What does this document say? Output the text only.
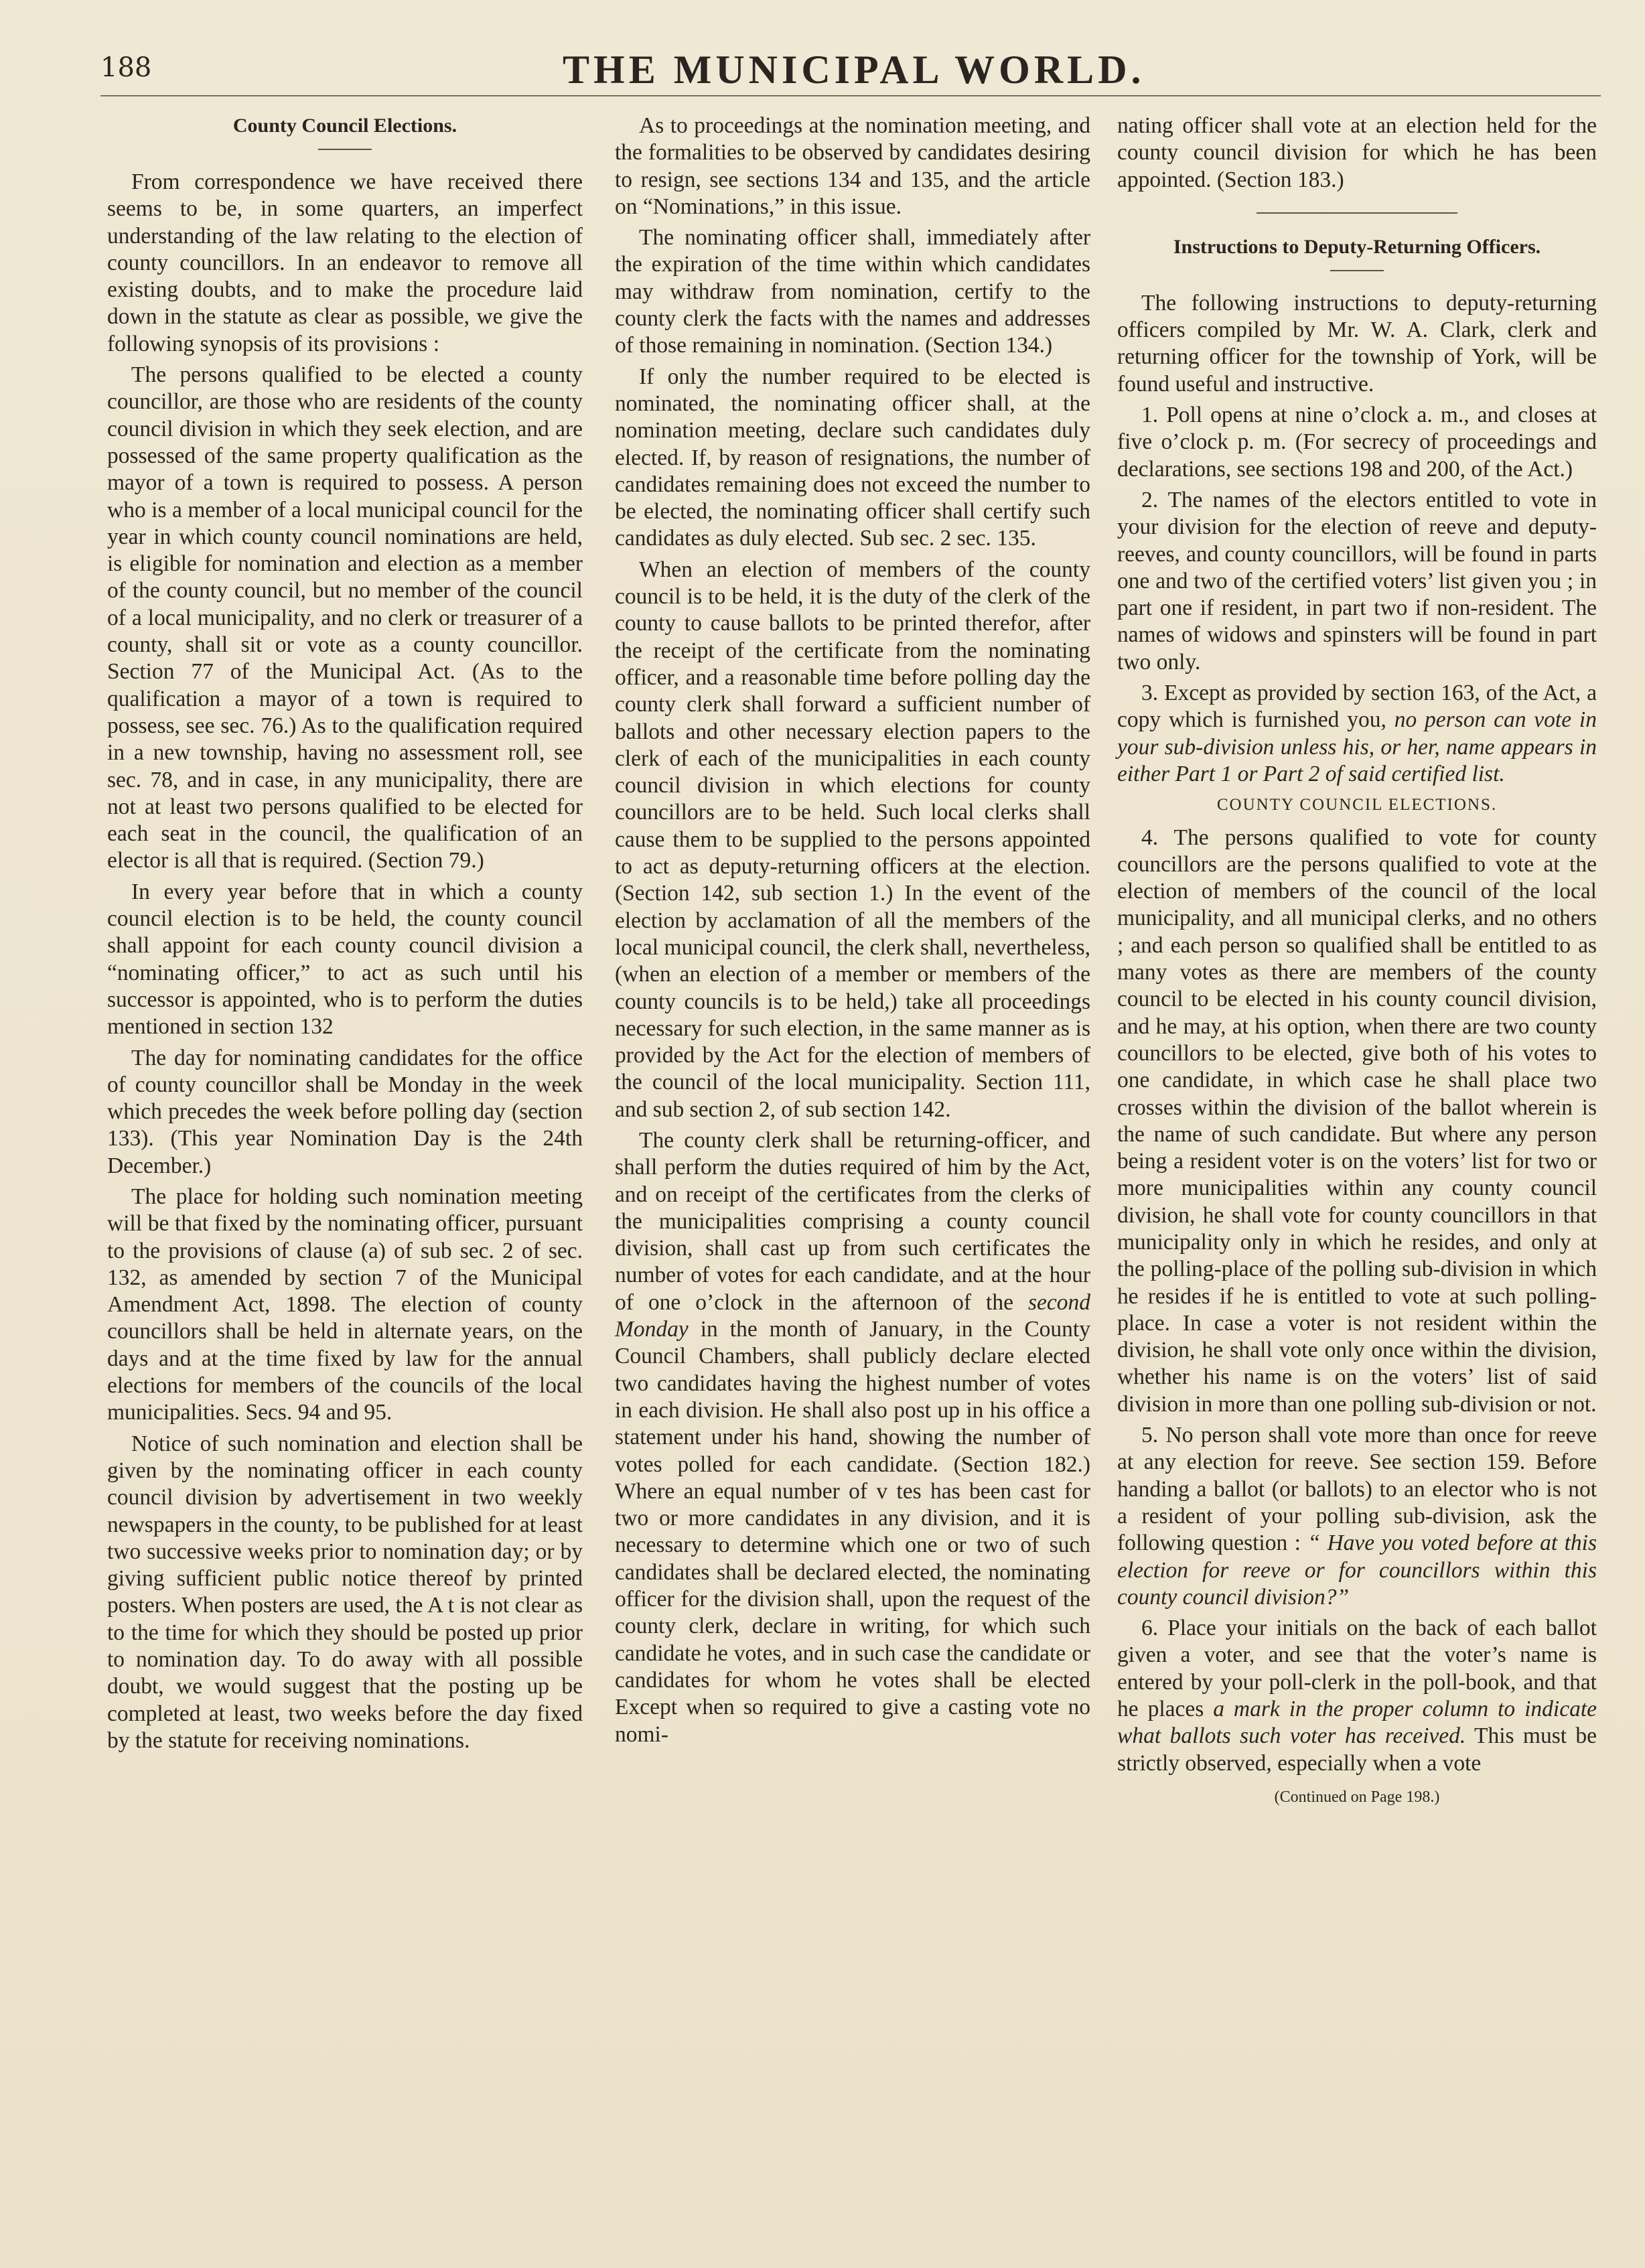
188	THE MUNICIPAL WORLD.
County Council Elections.

From correspondence we have received there seems to be, in some quarters, an imperfect understanding of the law relating to the election of county councillors. In an endeavor to remove all existing doubts, and to make the procedure laid down in the statute as clear as possible, we give the following synopsis of its provisions :

The persons qualified to be elected a county councillor, are those who are residents of the county council division in which they seek election, and are possessed of the same property qualification as the mayor of a town is required to possess. A person who is a member of a local municipal council for the year in which county council nominations are held, is eligible for nomination and election as a member of the county council, but no member of the council of a local municipality, and no clerk or treasurer of a county, shall sit or vote as a county councillor. Section 77 of the Municipal Act. (As to the qualification a mayor of a town is required to possess, see sec. 76.) As to the qualification required in a new township, having no assessment roll, see sec. 78, and in case, in any municipality, there are not at least two persons qualified to be elected for each seat in the council, the qualification of an elector is all that is required. (Section 79.)

In every year before that in which a county council election is to be held, the county council shall appoint for each county council division a “nominating officer,” to act as such until his successor is appointed, who is to perform the duties mentioned in section 132

The day for nominating candidates for the office of county councillor shall be Monday in the week which precedes the week before polling day (section 133). (This year Nomination Day is the 24th December.)

The place for holding such nomination meeting will be that fixed by the nominating officer, pursuant to the provisions of clause (a) of sub sec. 2 of sec. 132, as amended by section 7 of the Municipal Amendment Act, 1898. The election of county councillors shall be held in alternate years, on the days and at the time fixed by law for the annual elections for members of the councils of the local municipalities. Secs. 94 and 95.

Notice of such nomination and election shall be given by the nominating officer in each county council division by advertisement in two weekly newspapers in the county, to be published for at least two successive weeks prior to nomination day; or by giving sufficient public notice thereof by printed posters. When posters are used, the A t is not clear as to the time for which they should be posted up prior to nomination day. To do away with all possible doubt, we would suggest that the posting up be completed at least, two weeks before the day fixed by the statute for receiving nominations.

As to proceedings at the nomination meeting, and the formalities to be observed by candidates desiring to resign, see sections 134 and 135, and the article on “Nominations,” in this issue.

The nominating officer shall, immediately after the expiration of the time within which candidates may withdraw from nomination, certify to the county clerk the facts with the names and addresses of those remaining in nomination. (Section 134.)

If only the number required to be elected is nominated, the nominating officer shall, at the nomination meeting, declare such candidates duly elected. If, by reason of resignations, the number of candidates remaining does not exceed the number to be elected, the nominating officer shall certify such candidates as duly elected. Sub sec. 2 sec. 135.

When an election of members of the county council is to be held, it is the duty of the clerk of the county to cause ballots to be printed therefor, after the receipt of the certificate from the nominating officer, and a reasonable time before polling day the county clerk shall forward a sufficient number of ballots and other necessary election papers to the clerk of each of the municipalities in each county council division in which elections for county councillors are to be held. Such local clerks shall cause them to be supplied to the persons appointed to act as deputy-returning officers at the election. (Section 142, sub section 1.) In the event of the election by acclamation of all the members of the local municipal council, the clerk shall, nevertheless, (when an election of a member or members of the county councils is to be held,) take all proceedings necessary for such election, in the same manner as is provided by the Act for the election of members of the council of the local municipality. Section 111, and sub section 2, of sub section 142.

The county clerk shall be returning-officer, and shall perform the duties required of him by the Act, and on receipt of the certificates from the clerks of the municipalities comprising a county council division, shall cast up from such certificates the number of votes for each candidate, and at the hour of one o’clock in the afternoon of the second Monday in the month of January, in the County Council Chambers, shall publicly declare elected two candidates having the highest number of votes in each division. He shall also post up in his office a statement under his hand, showing the number of votes polled for each candidate. (Section 182.) Where an equal number of v tes has been cast for two or more candidates in any division, and it is necessary to determine which one or two of such candidates shall be declared elected, the nominating officer for the division shall, upon the request of the county clerk, declare in writing, for which such candidate he votes, and in such case the candidate or candidates for whom he votes shall be elected Except when so required to give a casting vote no nomi-

nating officer shall vote at an election held for the county council division for which he has been appointed. (Section 183.)

Instructions to Deputy-Returning Officers.

The following instructions to deputy-returning officers compiled by Mr. W. A. Clark, clerk and returning officer for the township of York, will be found useful and instructive.

1. Poll opens at nine o’clock a. m., and closes at five o’clock p. m. (For secrecy of proceedings and declarations, see sections 198 and 200, of the Act.)

2. The names of the electors entitled to vote in your division for the election of reeve and deputy-reeves, and county councillors, will be found in parts one and two of the certified voters’ list given you ; in part one if resident, in part two if non-resident. The names of widows and spinsters will be found in part two only.

3. Except as provided by section 163, of the Act, a copy which is furnished you, no person can vote in your sub-division unless his, or her, name appears in either Part 1 or Part 2 of said certified list.

COUNTY COUNCIL ELECTIONS.

4. The persons qualified to vote for county councillors are the persons qualified to vote at the election of members of the council of the local municipality, and all municipal clerks, and no others ; and each person so qualified shall be entitled to as many votes as there are members of the county council to be elected in his county council division, and he may, at his option, when there are two county councillors to be elected, give both of his votes to one candidate, in which case he shall place two crosses within the division of the ballot wherein is the name of such candidate. But where any person being a resident voter is on the voters’ list for two or more municipalities within any county council division, he shall vote for county councillors in that municipality only in which he resides, and only at the polling-place of the polling sub-division in which he resides if he is entitled to vote at such polling-place. In case a voter is not resident within the division, he shall vote only once within the division, whether his name is on the voters’ list of said division in more than one polling sub-division or not.

5. No person shall vote more than once for reeve at any election for reeve. See section 159. Before handing a ballot (or ballots) to an elector who is not a resident of your polling sub-division, ask the following question : “ Have you voted before at this election for reeve or for councillors within this county council division?”

6. Place your initials on the back of each ballot given a voter, and see that the voter’s name is entered by your poll-clerk in the poll-book, and that he places a mark in the proper column to indicate what ballots such voter has received. This must be strictly observed, especially when a vote

(Continued on Page 198.)
